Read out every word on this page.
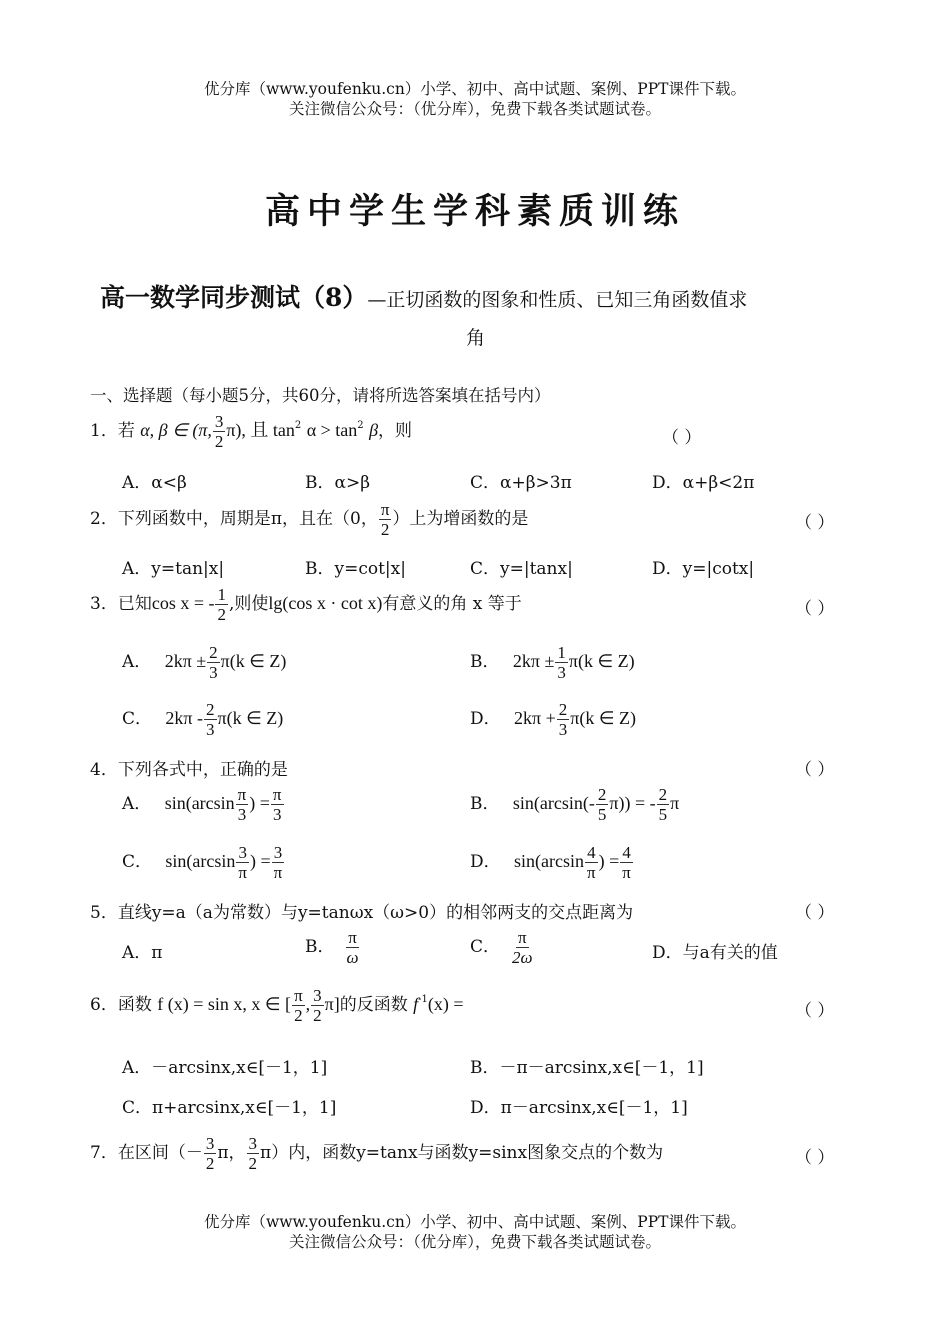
优分库（www.youfenku.cn）小学、初中、高中试题、案例、PPT课件下载。
关注微信公众号：（优分库），免费下载各类试题试卷。
高中学生学科素质训练
高一数学同步测试（8）—正切函数的图象和性质、已知三角函数值求
角
一、选择题（每小题5分，共60分，请将所选答案填在括号内）
1．若 α, β ∈ (π, $\frac{3}{2} \pi$), 且 $\tan^2 \alpha > \tan^2 \beta$，则	（ ）
A．α<β	B．α>β	C．α+β>3π	D．α+β<2π
2．下列函数中，周期是π，且在（0， $\frac{\pi}{2}$ ）上为增函数的是	（ ）
A．y=tan|x|	B．y=cot|x|	C．y=|tanx|	D．y=|cotx|
3．已知cos x = - $\frac{1}{2}$ ,则使lg(cos x · cot x)有意义的角 x 等于	（ ）
A． $2k\pi \pm \frac{2}{3} \pi(k$ ∈ Z)	B． $2k\pi \pm \frac{1}{3} \pi(k$ ∈ Z)
C． $2k\pi - \frac{2}{3} \pi(k$ ∈ Z)	D． $2k\pi + \frac{2}{3} \pi(k$ ∈ Z)
4．下列各式中，正确的是	（ ）
A． $\sin(\arcsin \frac{\pi}{3}$ ) = $\frac{\pi}{3}$	B． $\sin(\arcsin(- \frac{2}{5} \pi))$ = - $\frac{2}{5}$ π
C． $\sin(\arcsin \frac{3}{\pi}$ ) = $\frac{3}{\pi}$	D． $\sin(\arcsin \frac{4}{\pi}$ ) = $\frac{4}{\pi}$
5．直线y=a（a为常数）与y=tanωx（ω>0）的相邻两支的交点距离为	（ ）
A．π	B． $\frac{\pi}{\omega}$	C． $\frac{\pi}{2\omega}$	D．与a有关的值
6．函数 f (x) = sin x, x ∈ [ $\frac{\pi}{2}$ , $\frac{3}{2} \pi$]的反函数 $f^{-1}(x)$ =	（ ）
A．－arcsinx,x∈[－1，1]	B．－π－arcsinx,x∈[－1，1]
C．π+arcsinx,x∈[－1，1]	D．π－arcsinx,x∈[－1，1]
7．在区间（－ $\frac{3}{2}$ π， $\frac{3}{2} \pi$）内，函数y=tanx与函数y=sinx图象交点的个数为	（ ）
优分库（www.youfenku.cn）小学、初中、高中试题、案例、PPT课件下载。
关注微信公众号：（优分库），免费下载各类试题试卷。
